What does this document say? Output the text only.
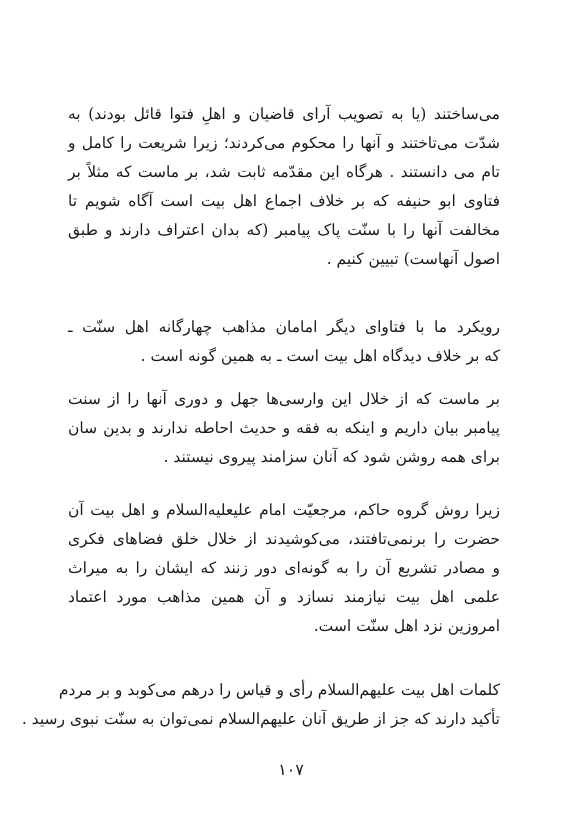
می‌ساختند (یا به تصویب آرای قاضیان و اهلِ فتوا قائل بودند) به
شدّت می‌تاختند و آنها را محکوم می‌کردند؛ زیرا شریعت را کامل و
تام می دانستند . هرگاه این مقدّمه ثابت شد، بر ماست که مثلاً بر
فتاوی ابو حنیفه که بر خلاف اجماع اهل بیت است آگاه شویم تا
مخالفت آنها را با سنّت پاک پیامبر (که بدان اعتراف دارند و طبق
اصول آنهاست) تبیین کنیم .
رویکرد ما با فتاوای دیگر امامان مذاهب چهارگانه اهل سنّت ـ
که بر خلاف دیدگاه اهل بیت است ـ به همین گونه است .
بر ماست که از خلال این وارسی‌ها جهل و دوری آنها را از سنت
پیامبر بیان داریم و اینکه به فقه و حدیث احاطه ندارند و بدین سان
برای همه روشن شود که آنان سزامند پیروی نیستند .
زیرا روش گروه حاکم، مرجعیّت امام علیعليه‌السلام و اهل بیت آن
حضرت را برنمی‌تافتند، می‌کوشیدند از خلال خلق فضاهای فکری
و مصادر تشریع آن را به گونه‌ای دور زنند که ایشان را به میراث
علمی اهل بیت نیازمند نسازد و آن همین مذاهب مورد اعتماد
امروزین نزد اهل سنّت است.
کلمات اهل بیت عليهم‌السلام رأی و قیاس را درهم می‌کوبد و بر مردم
تأکید دارند که جز از طریق آنان عليهم‌السلام نمی‌توان به سنّت نبوی رسید .
۱۰۷
